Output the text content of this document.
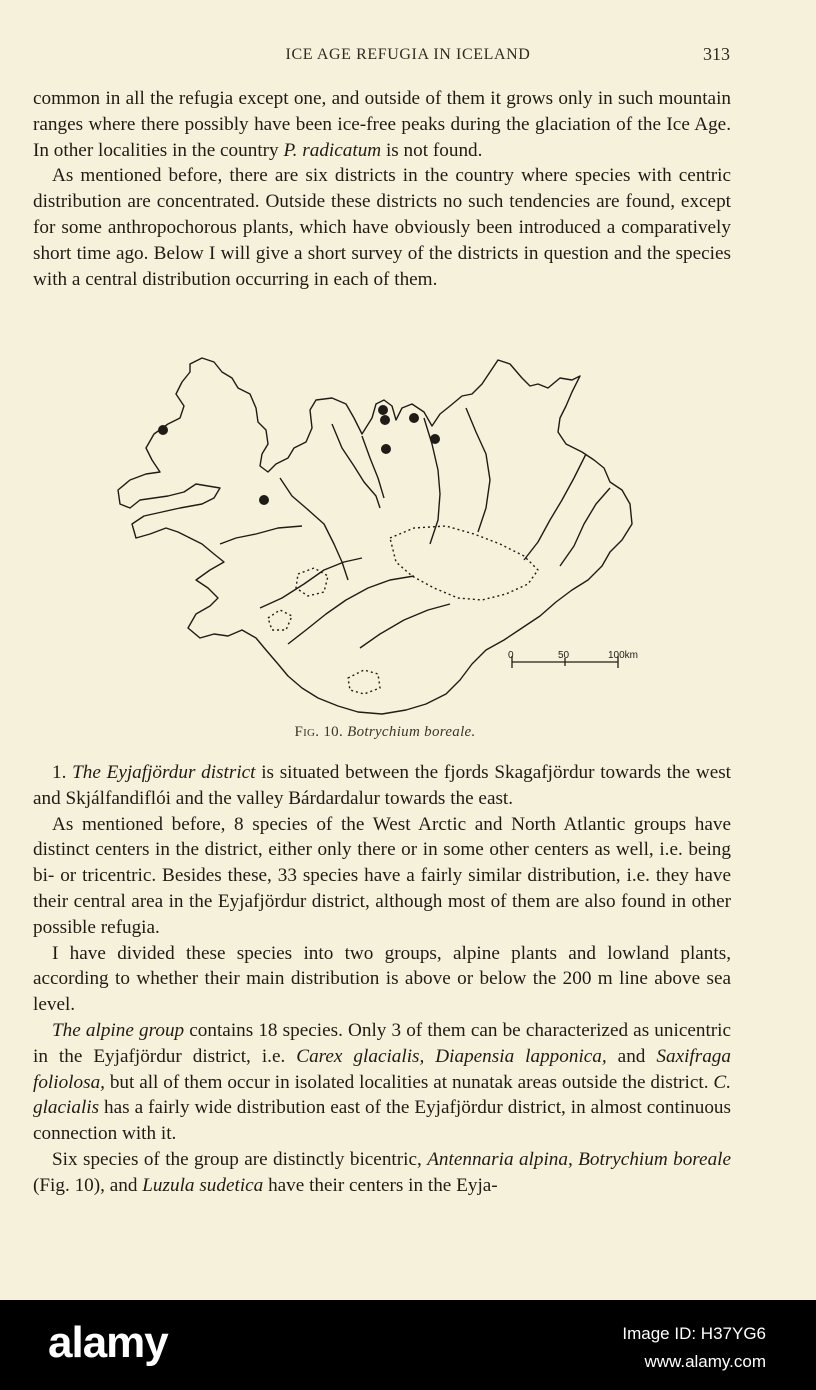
ICE AGE REFUGIA IN ICELAND	313

common in all the refugia except one, and outside of them it grows only in such mountain ranges where there possibly have been ice-free peaks during the glaciation of the Ice Age. In other localities in the country P. radicatum is not found.

As mentioned before, there are six districts in the country where species with centric distribution are concentrated. Outside these districts no such tendencies are found, except for some anthropochorous plants, which have obviously been introduced a comparatively short time ago. Below I will give a short survey of the districts in question and the species with a central distribution occurring in each of them.

0	50	100km
Fig. 10. Botrychium boreale.

1. The Eyjafjördur district is situated between the fjords Skagafjördur towards the west and Skjálfandiflói and the valley Bárdardalur towards the east.

As mentioned before, 8 species of the West Arctic and North Atlantic groups have distinct centers in the district, either only there or in some other centers as well, i.e. being bi- or tricentric. Besides these, 33 species have a fairly similar distribution, i.e. they have their central area in the Eyjafjördur district, although most of them are also found in other possible refugia.

I have divided these species into two groups, alpine plants and lowland plants, according to whether their main distribution is above or below the 200 m line above sea level.

The alpine group contains 18 species. Only 3 of them can be characterized as unicentric in the Eyjafjördur district, i.e. Carex glacialis, Diapensia lapponica, and Saxifraga foliolosa, but all of them occur in isolated localities at nunatak areas outside the district. C. glacialis has a fairly wide distribution east of the Eyjafjördur district, in almost continuous connection with it.

Six species of the group are distinctly bicentric, Antennaria alpina, Botrychium boreale (Fig. 10), and Luzula sudetica have their centers in the Eyja-

alamy	Image ID: H37YG6
www.alamy.com
